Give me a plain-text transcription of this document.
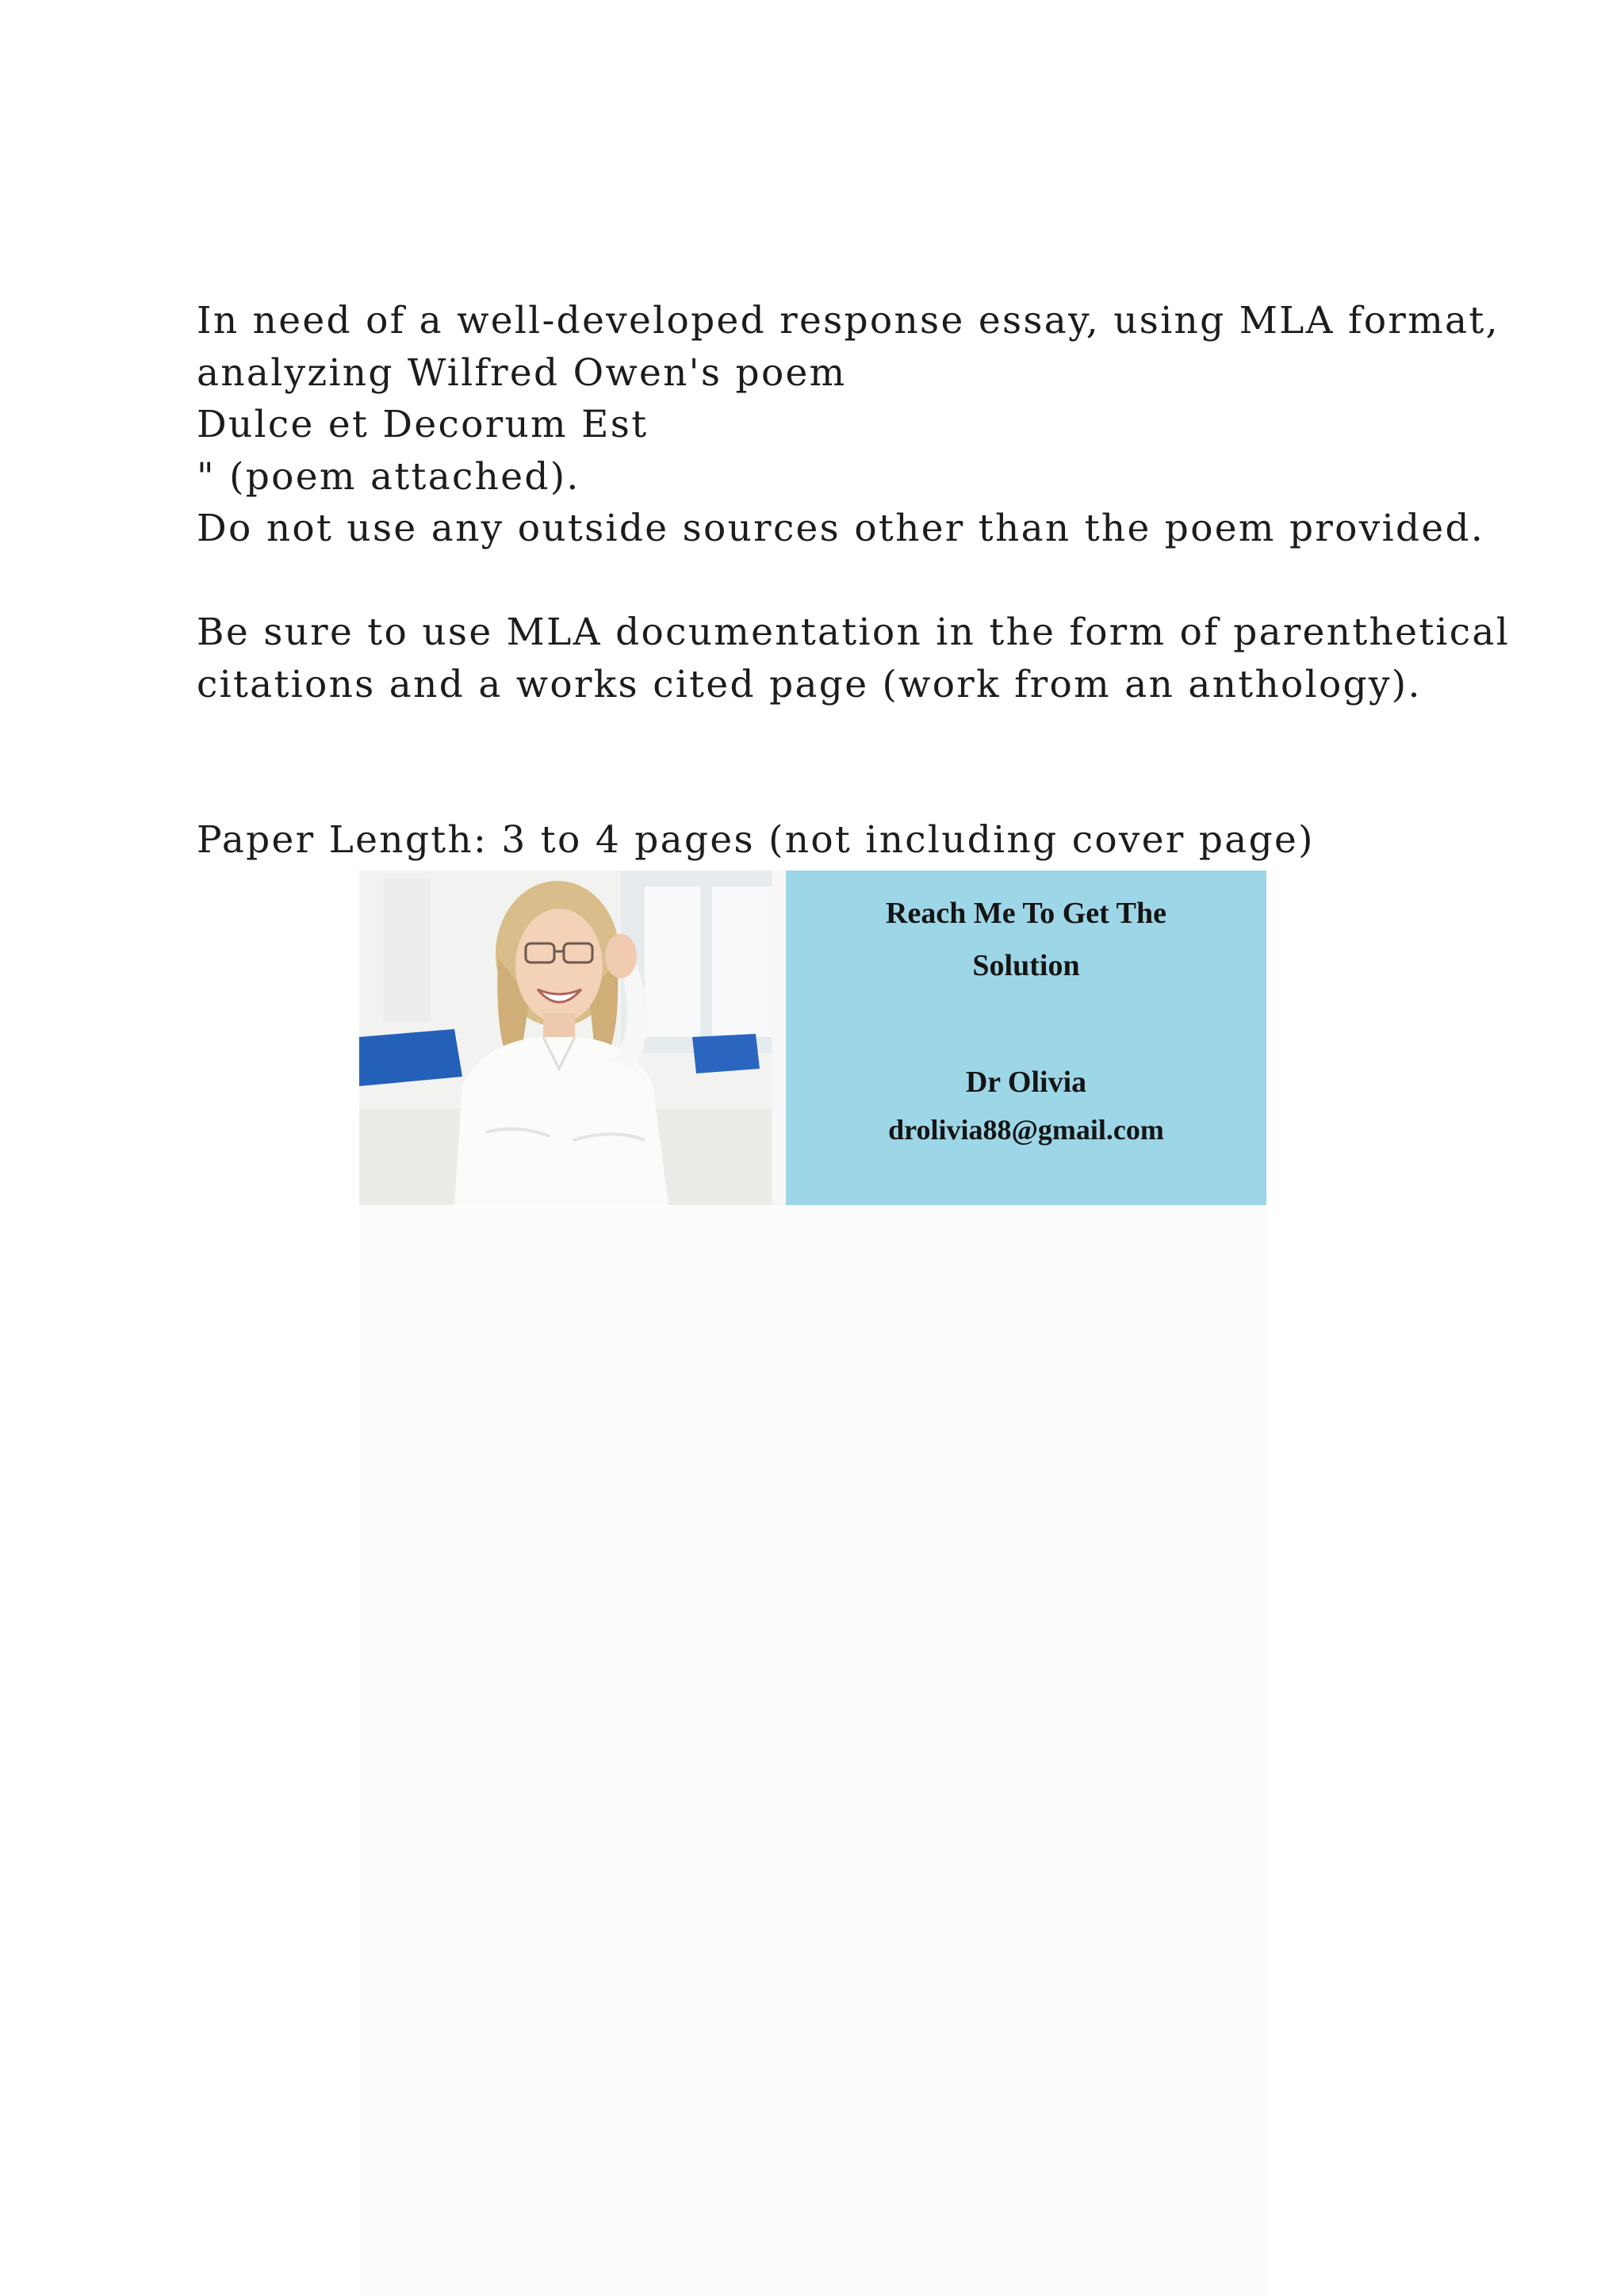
In need of a well-developed response essay, using MLA format,
analyzing Wilfred Owen's poem
Dulce et Decorum Est
" (poem attached).
Do not use any outside sources other than the poem provided.
Be sure to use MLA documentation in the form of parenthetical
citations and a works cited page (work from an anthology).
Paper Length: 3 to 4 pages (not including cover page)
Reach Me To Get The
Solution
Dr Olivia
drolivia88@gmail.com
